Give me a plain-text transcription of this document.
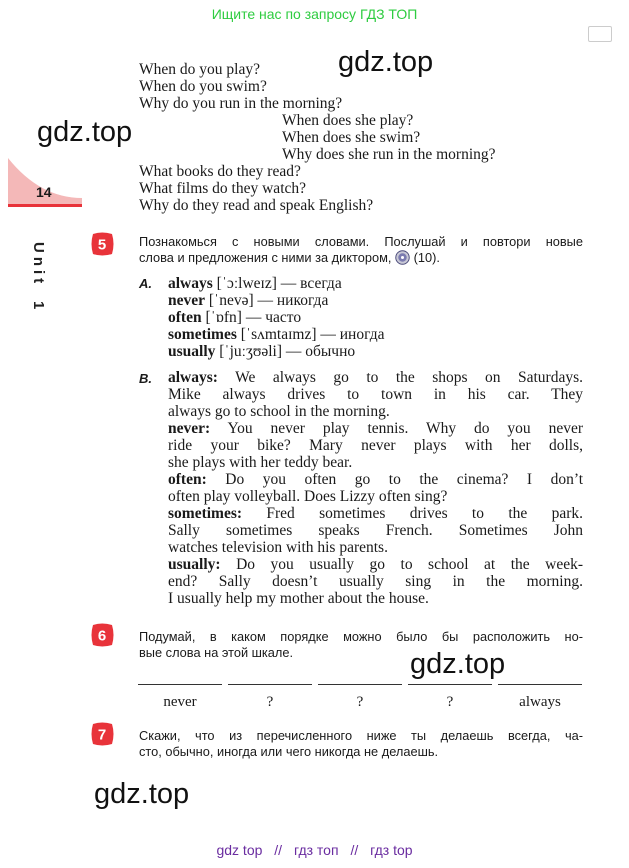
Ищите нас по запросу ГДЗ ТОП
gdz.top
gdz.top
gdz.top
gdz.top
14
Unit 1
When do you play?
When do you swim?
Why do you run in the morning?
When does she play?
When does she swim?
Why does she run in the morning?
What books do they read?
What films do they watch?
Why do they read and speak English?
5	Познакомься с новыми словами. Послушай и повтори новые
слова и предложения с ними за диктором, (10).
A. always [ˈɔːlweɪz] — всегда
never [ˈnevə] — никогда
often [ˈɒfn] — часто
sometimes [ˈsʌmtaɪmz] — иногда
usually [ˈjuːʒʊəli] — обычно
B. always: We always go to the shops on Saturdays.
Mike always drives to town in his car. They
always go to school in the morning.
never: You never play tennis. Why do you never
ride your bike? Mary never plays with her dolls,
she plays with her teddy bear.
often: Do you often go to the cinema? I don’t
often play volleyball. Does Lizzy often sing?
sometimes: Fred sometimes drives to the park.
Sally sometimes speaks French. Sometimes John
watches television with his parents.
usually: Do you usually go to school at the week-
end? Sally doesn’t usually sing in the morning.
I usually help my mother about the house.
6	Подумай, в каком порядке можно было бы расположить но-
вые слова на этой шкале.
never	?	?	?	always
7	Скажи, что из перечисленного ниже ты делаешь всегда, ча-
сто, обычно, иногда или чего никогда не делаешь.
gdz top // гдз топ // гдз top
